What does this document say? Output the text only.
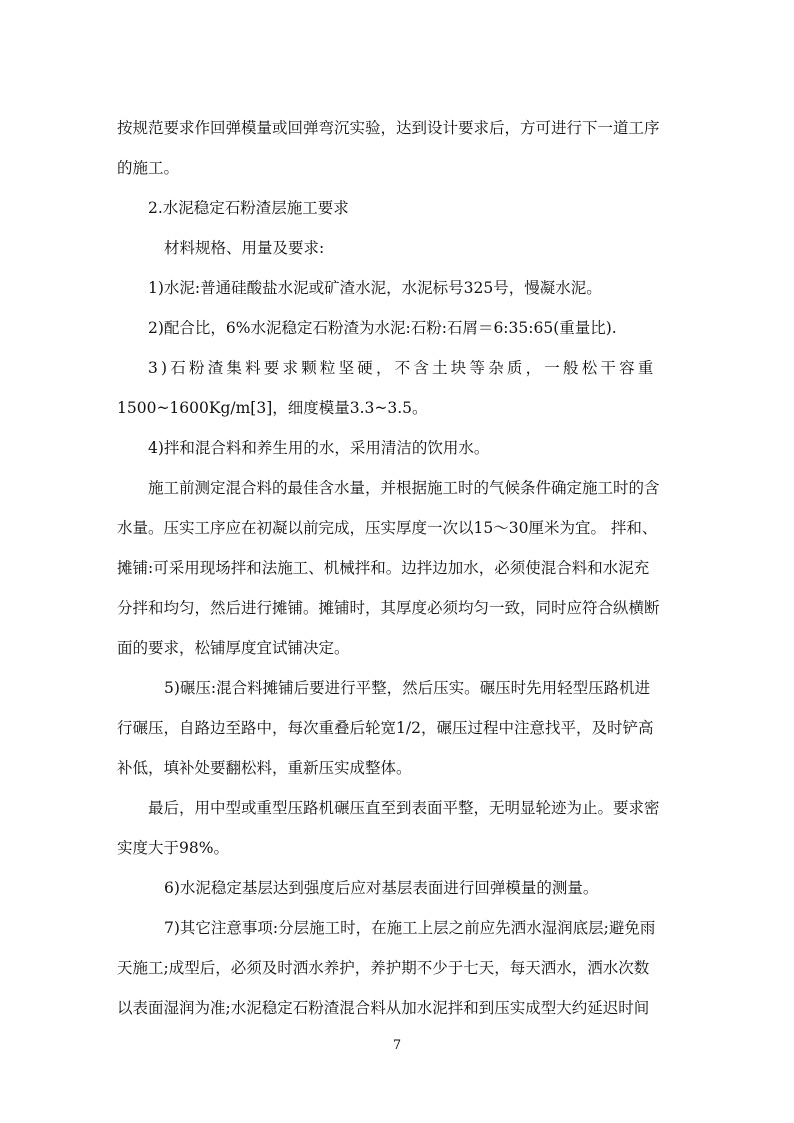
按规范要求作回弹模量或回弹弯沉实验，达到设计要求后，方可进行下一道工序
的施工。

2.水泥稳定石粉渣层施工要求

材料规格、用量及要求:

1)水泥:普通硅酸盐水泥或矿渣水泥，水泥标号325号，慢凝水泥。

2)配合比，6%水泥稳定石粉渣为水泥:石粉:石屑＝6:35:65(重量比).

3)石粉渣集料要求颗粒坚硬，不含土块等杂质，一般松干容重
1500~1600Kg/m[3]，细度模量3.3~3.5。

4)拌和混合料和养生用的水，采用清洁的饮用水。

施工前测定混合料的最佳含水量，并根据施工时的气候条件确定施工时的含
水量。压实工序应在初凝以前完成，压实厚度一次以15～30厘米为宜。 拌和、
摊铺:可采用现场拌和法施工、机械拌和。边拌边加水，必须使混合料和水泥充
分拌和均匀，然后进行摊铺。摊铺时，其厚度必须均匀一致，同时应符合纵横断
面的要求，松铺厚度宜试铺决定。

5)碾压:混合料摊铺后要进行平整，然后压实。碾压时先用轻型压路机进
行碾压，自路边至路中，每次重叠后轮宽1/2，碾压过程中注意找平，及时铲高
补低，填补处要翻松料，重新压实成整体。

最后，用中型或重型压路机碾压直至到表面平整，无明显轮迹为止。要求密
实度大于98%。

6)水泥稳定基层达到强度后应对基层表面进行回弹模量的测量。

7)其它注意事项:分层施工时，在施工上层之前应先洒水湿润底层;避免雨
天施工;成型后，必须及时洒水养护，养护期不少于七天，每天洒水，洒水次数
以表面湿润为准;水泥稳定石粉渣混合料从加水泥拌和到压实成型大约延迟时间

7
